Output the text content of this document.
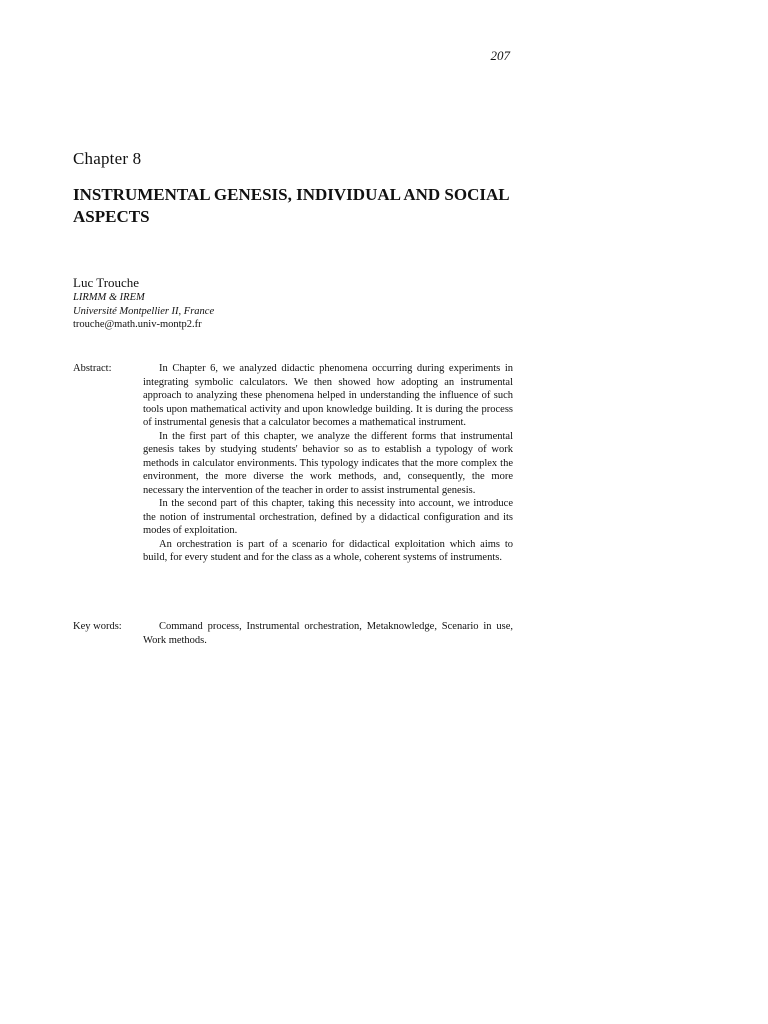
207
Chapter 8
INSTRUMENTAL GENESIS, INDIVIDUAL AND SOCIAL ASPECTS
Luc Trouche
LIRMM & IREM
Université Montpellier II, France
trouche@math.univ-montp2.fr
Abstract:	In Chapter 6, we analyzed didactic phenomena occurring during experiments in integrating symbolic calculators. We then showed how adopting an instrumental approach to analyzing these phenomena helped in understanding the influence of such tools upon mathematical activity and upon knowledge building. It is during the process of instrumental genesis that a calculator becomes a mathematical instrument.

In the first part of this chapter, we analyze the different forms that instrumental genesis takes by studying students' behavior so as to establish a typology of work methods in calculator environments. This typology indicates that the more complex the environment, the more diverse the work methods, and, consequently, the more necessary the intervention of the teacher in order to assist instrumental genesis.

In the second part of this chapter, taking this necessity into account, we introduce the notion of instrumental orchestration, defined by a didactical configuration and its modes of exploitation.

An orchestration is part of a scenario for didactical exploitation which aims to build, for every student and for the class as a whole, coherent systems of instruments.

Key words:	Command process, Instrumental orchestration, Metaknowledge, Scenario in use, Work methods.
